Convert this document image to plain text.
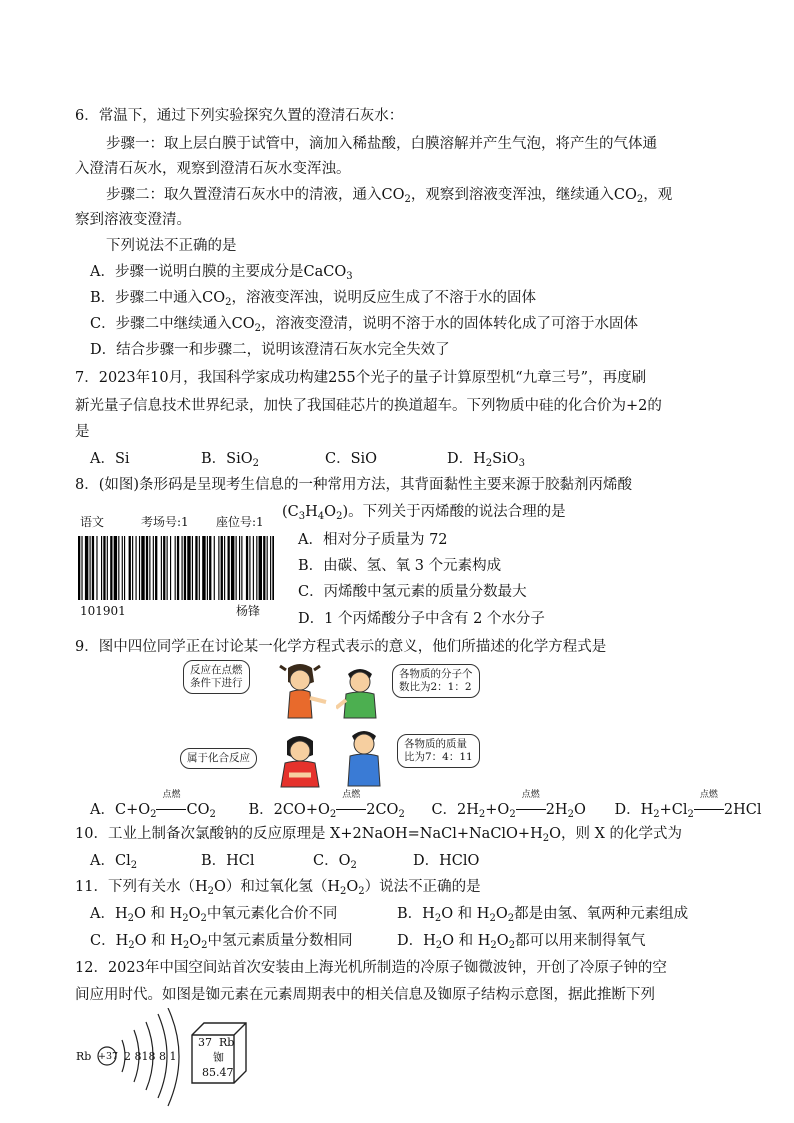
6．常温下，通过下列实验探究久置的澄清石灰水：
步骤一：取上层白膜于试管中，滴加入稀盐酸，白膜溶解并产生气泡，将产生的气体通
入澄清石灰水，观察到澄清石灰水变浑浊。
步骤二：取久置澄清石灰水中的清液，通入$CO_2$，观察到溶液变浑浊，继续通入$CO_2$，观
察到溶液变澄清。
下列说法不正确的是
A．步骤一说明白膜的主要成分是CaCO$_3$
B．步骤二中通入$CO_2$，溶液变浑浊，说明反应生成了不溶于水的固体
C．步骤二中继续通入$CO_2$，溶液变澄清，说明不溶于水的固体转化成了可溶于水固体
D．结合步骤一和步骤二，说明该澄清石灰水完全失效了
7．2023年10月，我国科学家成功构建255个光子的量子计算原型机“九章三号”，再度刷
新光量子信息技术世界纪录，加快了我国硅芯片的换道超车。下列物质中硅的化合价为+2的
是
A．Si	B．SiO$_2$	C．SiO	D．$H_2SiO_3$
8．(如图)条形码是呈现考生信息的一种常用方法，其背面黏性主要来源于胶黏剂丙烯酸
$(C_3H_4O_2)$。下列关于丙烯酸的说法合理的是
A．相对分子质量为 72
B．由碳、氢、氧 3 个元素构成
C．丙烯酸中氢元素的质量分数最大
D．1 个丙烯酸分子中含有 2 个水分子
语文	考场号:1 座位号:1
101901	杨锋
9．图中四位同学正在讨论某一化学方程式表示的意义，他们所描述的化学方程式是
反应在点燃
条件下进行
各物质的分子个
数比为2：1：2
属于化合反应
各物质的质量
比为7：4：11
A．$C+O_2$
点燃
$CO_2$ B．$2CO+O_2$
点燃
$2CO_2$ C．$2H_2+O_2$
点燃
$2H_2O$ D．$H_2+Cl_2$
点燃
2HCl
10．工业上制备次氯酸钠的反应原理是 $X+2NaOH=NaCl+NaClO+H_2O$，则 X 的化学式为
A．$Cl_2$	B．HCl	C．$O_2$	D．HClO
11．下列有关水$(H_2O)$和过氧化氢$(H_2O_2)$说法不正确的是
A．$H_2O$ 和 $H_2O_2$中氧元素化合价不同	B．$H_2O$ 和 $H_2O_2$都是由氢、氧两种元素组成
C．$H_2O$ 和 $H_2O_2$中氢元素质量分数相同	D．$H_2O$ 和 $H_2O_2$都可以用来制得氧气
12．2023年中国空间站首次安装由上海光机所制造的冷原子铷微波钟，开创了冷原子钟的空
间应用时代。如图是铷元素在元素周期表中的相关信息及铷原子结构示意图，据此推断下列
Rb +37 2 818 8 1
37 Rb
铷
85.47
